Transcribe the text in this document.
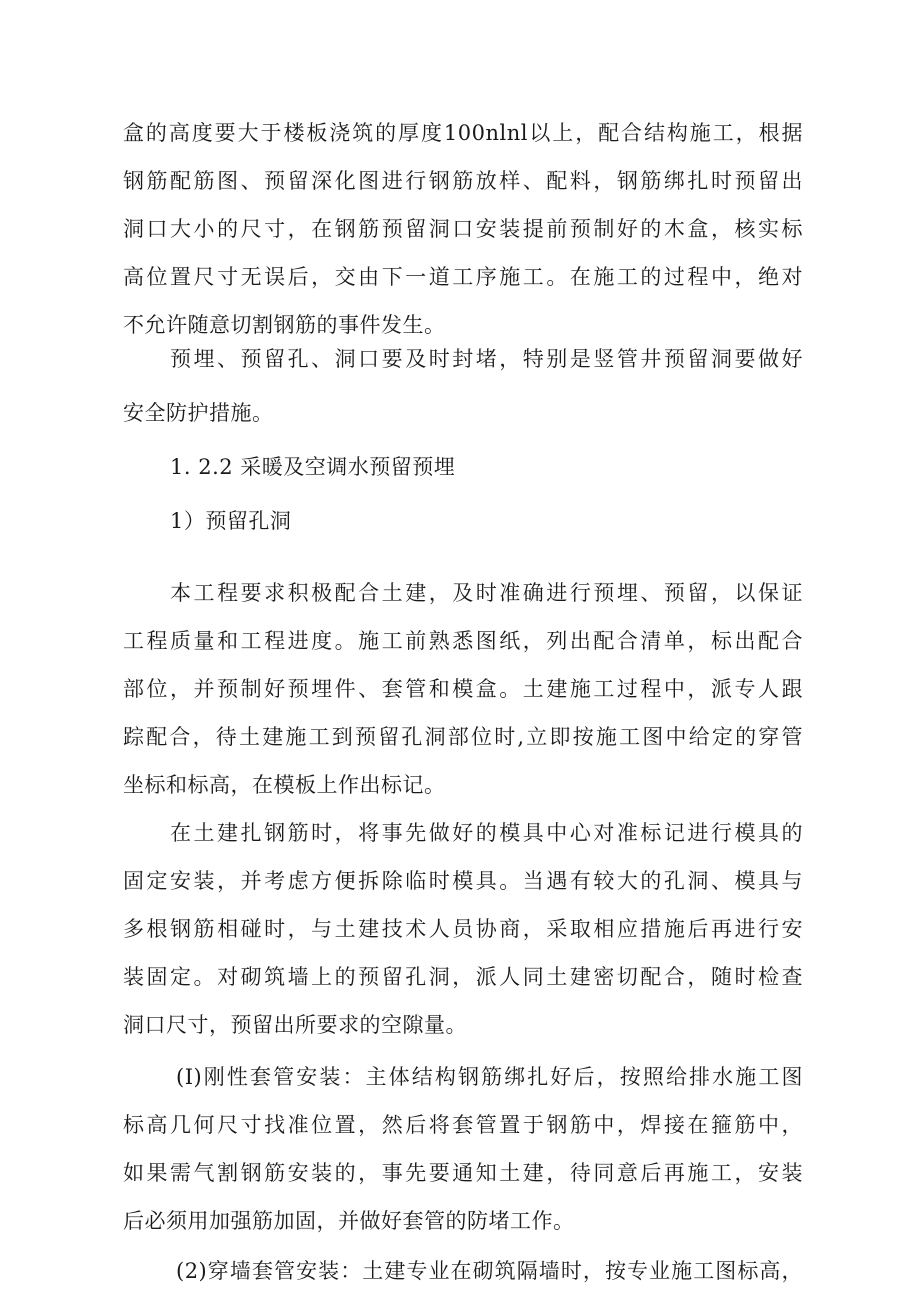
盒的高度要大于楼板浇筑的厚度100nlnl以上，配合结构施工，根据
钢筋配筋图、预留深化图进行钢筋放样、配料，钢筋绑扎时预留出
洞口大小的尺寸，在钢筋预留洞口安装提前预制好的木盒，核实标
高位置尺寸无误后，交由下一道工序施工。在施工的过程中，绝对
不允许随意切割钢筋的事件发生。
预埋、预留孔、洞口要及时封堵，特别是竖管井预留洞要做好
安全防护措施。
1. 2.2 采暖及空调水预留预埋
1）预留孔洞
本工程要求积极配合土建，及时准确进行预埋、预留，以保证
工程质量和工程进度。施工前熟悉图纸，列出配合清单，标出配合
部位，并预制好预埋件、套管和模盒。土建施工过程中，派专人跟
踪配合，待土建施工到预留孔洞部位时,立即按施工图中给定的穿管
坐标和标高，在模板上作出标记。
在土建扎钢筋时，将事先做好的模具中心对准标记进行模具的
固定安装，并考虑方便拆除临时模具。当遇有较大的孔洞、模具与
多根钢筋相碰时，与土建技术人员协商，采取相应措施后再进行安
装固定。对砌筑墙上的预留孔洞，派人同土建密切配合，随时检查
洞口尺寸，预留出所要求的空隙量。
(I)刚性套管安装：主体结构钢筋绑扎好后，按照给排水施工图
标高几何尺寸找准位置，然后将套管置于钢筋中，焊接在箍筋中，
如果需气割钢筋安装的，事先要通知土建，待同意后再施工，安装
后必须用加强筋加固，并做好套管的防堵工作。
(2)穿墙套管安装：土建专业在砌筑隔墙时，按专业施工图标高，
